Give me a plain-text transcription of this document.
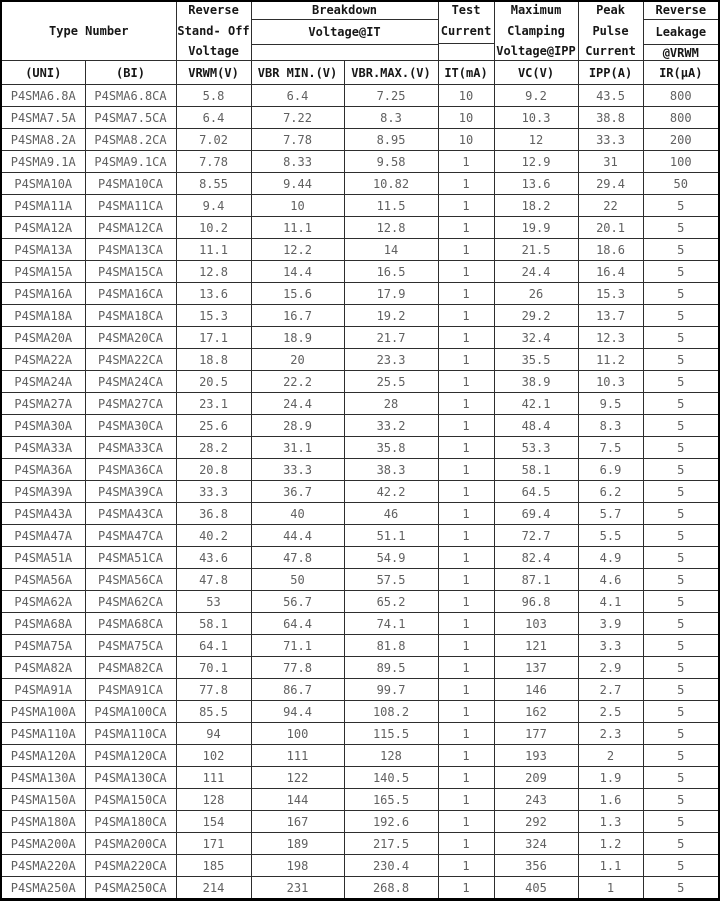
Type Number	
Reverse
Stand- Off
Voltage

Breakdown
Voltage@IT

Test
Current

Maximum
Clamping
Voltage@IPP

Peak
Pulse
Current

Reverse
Leakage
@VRWM

(UNI)	(BI)	VRWM(V)	VBR MIN.(V)	VBR.MAX.(V)	IT(mA)	VC(V)	IPP(A)	IR(μA)
P4SMA6.8A	P4SMA6.8CA	5.8	6.4	7.25	10	9.2	43.5	800
P4SMA7.5A	P4SMA7.5CA	6.4	7.22	8.3	10	10.3	38.8	800
P4SMA8.2A	P4SMA8.2CA	7.02	7.78	8.95	10	12	33.3	200
P4SMA9.1A	P4SMA9.1CA	7.78	8.33	9.58	1	12.9	31	100
P4SMA10A	P4SMA10CA	8.55	9.44	10.82	1	13.6	29.4	50
P4SMA11A	P4SMA11CA	9.4	10	11.5	1	18.2	22	5
P4SMA12A	P4SMA12CA	10.2	11.1	12.8	1	19.9	20.1	5
P4SMA13A	P4SMA13CA	11.1	12.2	14	1	21.5	18.6	5
P4SMA15A	P4SMA15CA	12.8	14.4	16.5	1	24.4	16.4	5
P4SMA16A	P4SMA16CA	13.6	15.6	17.9	1	26	15.3	5
P4SMA18A	P4SMA18CA	15.3	16.7	19.2	1	29.2	13.7	5
P4SMA20A	P4SMA20CA	17.1	18.9	21.7	1	32.4	12.3	5
P4SMA22A	P4SMA22CA	18.8	20	23.3	1	35.5	11.2	5
P4SMA24A	P4SMA24CA	20.5	22.2	25.5	1	38.9	10.3	5
P4SMA27A	P4SMA27CA	23.1	24.4	28	1	42.1	9.5	5
P4SMA30A	P4SMA30CA	25.6	28.9	33.2	1	48.4	8.3	5
P4SMA33A	P4SMA33CA	28.2	31.1	35.8	1	53.3	7.5	5
P4SMA36A	P4SMA36CA	20.8	33.3	38.3	1	58.1	6.9	5
P4SMA39A	P4SMA39CA	33.3	36.7	42.2	1	64.5	6.2	5
P4SMA43A	P4SMA43CA	36.8	40	46	1	69.4	5.7	5
P4SMA47A	P4SMA47CA	40.2	44.4	51.1	1	72.7	5.5	5
P4SMA51A	P4SMA51CA	43.6	47.8	54.9	1	82.4	4.9	5
P4SMA56A	P4SMA56CA	47.8	50	57.5	1	87.1	4.6	5
P4SMA62A	P4SMA62CA	53	56.7	65.2	1	96.8	4.1	5
P4SMA68A	P4SMA68CA	58.1	64.4	74.1	1	103	3.9	5
P4SMA75A	P4SMA75CA	64.1	71.1	81.8	1	121	3.3	5
P4SMA82A	P4SMA82CA	70.1	77.8	89.5	1	137	2.9	5
P4SMA91A	P4SMA91CA	77.8	86.7	99.7	1	146	2.7	5
P4SMA100A	P4SMA100CA	85.5	94.4	108.2	1	162	2.5	5
P4SMA110A	P4SMA110CA	94	100	115.5	1	177	2.3	5
P4SMA120A	P4SMA120CA	102	111	128	1	193	2	5
P4SMA130A	P4SMA130CA	111	122	140.5	1	209	1.9	5
P4SMA150A	P4SMA150CA	128	144	165.5	1	243	1.6	5
P4SMA180A	P4SMA180CA	154	167	192.6	1	292	1.3	5
P4SMA200A	P4SMA200CA	171	189	217.5	1	324	1.2	5
P4SMA220A	P4SMA220CA	185	198	230.4	1	356	1.1	5
P4SMA250A	P4SMA250CA	214	231	268.8	1	405	1	5
